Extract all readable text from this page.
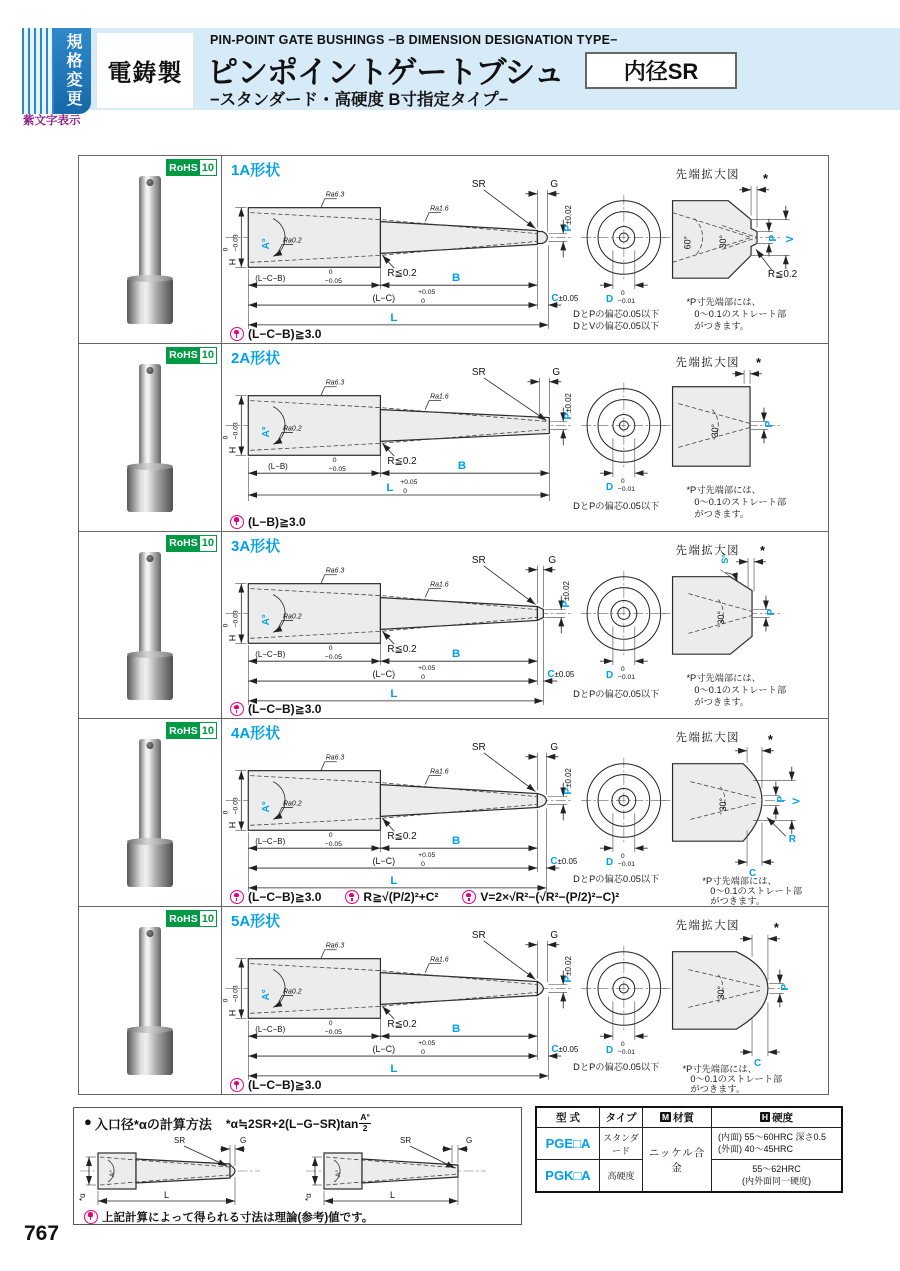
規格変更
紫文字表示
電鋳製
PIN-POINT GATE BUSHINGS −B DIMENSION DESIGNATION TYPE−
ピンポイントゲートブシュ	内径SR
−スタンダード・高硬度 B寸指定タイプ−
RoHS 10 1A形状
A° Ra0.2
Ra6.3
Ra1.6
H
0 −0.03
SR	G
P±0.02
R≦0.2
(L−C−B)
0
−0.05	B
(L−C)
+0.05
0	C±0.05
L
D
0
−0.01
DとPの偏芯0.05以下
DとVの偏芯0.05以下
先端拡大図
60°	30°
*
P V
R≦0.2
*P寸先端部には、
0〜0.1のストレート部
がつきます。
(L−C−B)≧3.0
RoHS 10 2A形状
A° Ra0.2
Ra6.3
Ra1.6
H
0 −0.03
SR	G
P±0.02
R≦0.2
(L−B)
0
−0.05	B
L +0.05
0	D
0
−0.01
DとPの偏芯0.05以下
先端拡大図
30°
*
P
*P寸先端部には、
0〜0.1のストレート部
がつきます。
(L−B)≧3.0
RoHS 10 3A形状
A° Ra0.2
Ra6.3
Ra1.6
H
0 −0.03
SR	G
P±0.02
R≦0.2
(L−C−B)
0
−0.05	B
(L−C)
+0.05
0	C±0.05
L
D
0
−0.01
DとPの偏芯0.05以下
先端拡大図
30°
S°
*
P
*P寸先端部には、
0〜0.1のストレート部
がつきます。
(L−C−B)≧3.0
RoHS 10 4A形状
A° Ra0.2
Ra6.3
Ra1.6
H
0 −0.03
SR	G
P±0.02
R≦0.2
(L−C−B)
0
−0.05	B
(L−C)
+0.05
0	C±0.05
L
D
0
−0.01
DとPの偏芯0.05以下
先端拡大図
30°
*
P V
R
C
*P寸先端部には、
0〜0.1のストレート部
がつきます。
(L−C−B)≧3.0	R≧√(P/2)²+C²	V=2×√R²−(√R²−(P/2)²−C)²
RoHS 10 5A形状
A° Ra0.2
Ra6.3
Ra1.6
H
0 −0.03
SR	G
P±0.02
R≦0.2
(L−C−B)
0
−0.05	B
(L−C)
+0.05
0	C±0.05
L
D
0
−0.01
DとPの偏芯0.05以下
先端拡大図
30°
*
P
C
*P寸先端部には、
0〜0.1のストレート部
がつきます。
(L−C−B)≧3.0
● 入口径*αの計算方法 *α≒2SR+2(L−G−SR)tan $\frac{A^\circ}{2}$
A°
*α
SR	G
L
A°
*α
SR	G
L
上記計算によって得られる寸法は理論(参考)値です。
型 式	タイプ	M 材質	H 硬度
PGE□A	スタンダード	ニッケル合金	(内面) 55〜60HRC 深さ0.5
(外面) 40〜45HRC

PGK□A	高硬度		55〜62HRC
(内外面同一硬度)
767
